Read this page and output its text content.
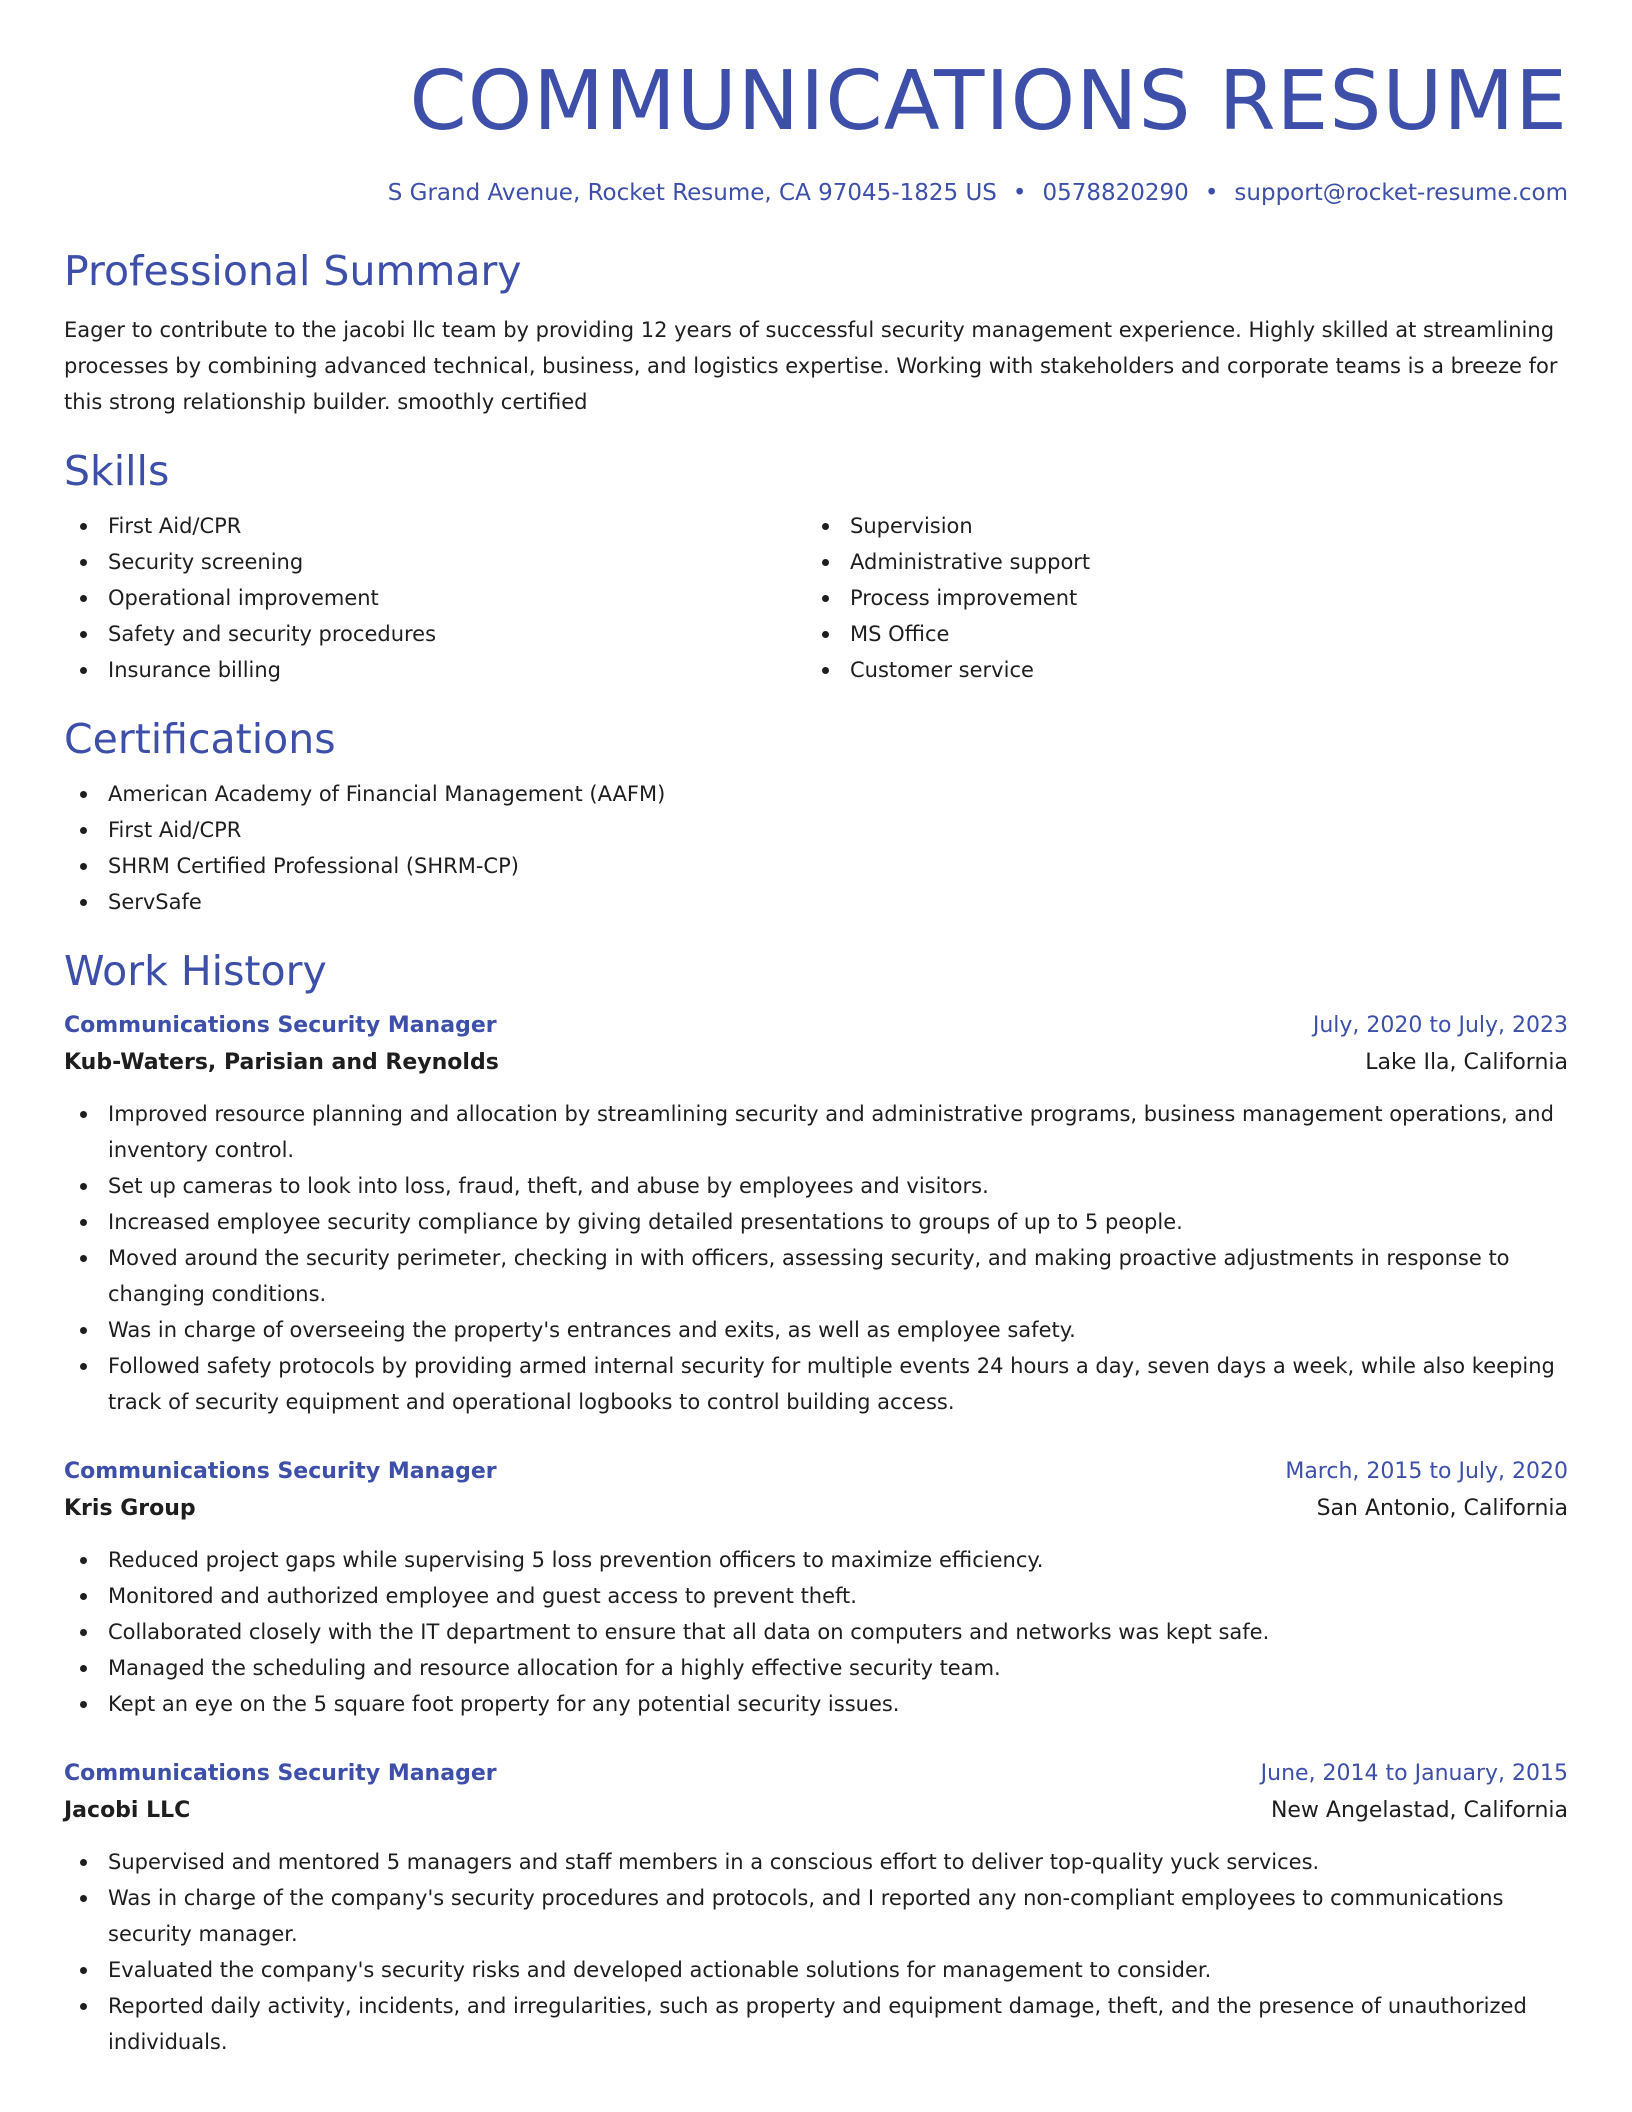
COMMUNICATIONS RESUME
S Grand Avenue, Rocket Resume, CA 97045-1825 US • 0578820290 • support@rocket-resume.com
Professional Summary
Eager to contribute to the jacobi llc team by providing 12 years of successful security management experience. Highly skilled at streamlining processes by combining advanced technical, business, and logistics expertise. Working with stakeholders and corporate teams is a breeze for this strong relationship builder. smoothly certified
Skills
First Aid/CPR
Security screening
Operational improvement
Safety and security procedures
Insurance billing
Supervision
Administrative support
Process improvement
MS Office
Customer service
Certifications
American Academy of Financial Management (AAFM)
First Aid/CPR
SHRM Certified Professional (SHRM-CP)
ServSafe
Work History
Communications Security Manager	July, 2020 to July, 2023
Kub-Waters, Parisian and Reynolds	Lake Ila, California
Improved resource planning and allocation by streamlining security and administrative programs, business management operations, and inventory control.
Set up cameras to look into loss, fraud, theft, and abuse by employees and visitors.
Increased employee security compliance by giving detailed presentations to groups of up to 5 people.
Moved around the security perimeter, checking in with officers, assessing security, and making proactive adjustments in response to changing conditions.
Was in charge of overseeing the property's entrances and exits, as well as employee safety.
Followed safety protocols by providing armed internal security for multiple events 24 hours a day, seven days a week, while also keeping track of security equipment and operational logbooks to control building access.
Communications Security Manager	March, 2015 to July, 2020
Kris Group	San Antonio, California
Reduced project gaps while supervising 5 loss prevention officers to maximize efficiency.
Monitored and authorized employee and guest access to prevent theft.
Collaborated closely with the IT department to ensure that all data on computers and networks was kept safe.
Managed the scheduling and resource allocation for a highly effective security team.
Kept an eye on the 5 square foot property for any potential security issues.
Communications Security Manager	June, 2014 to January, 2015
Jacobi LLC	New Angelastad, California
Supervised and mentored 5 managers and staff members in a conscious effort to deliver top-quality yuck services.
Was in charge of the company's security procedures and protocols, and I reported any non-compliant employees to communications security manager.
Evaluated the company's security risks and developed actionable solutions for management to consider.
Reported daily activity, incidents, and irregularities, such as property and equipment damage, theft, and the presence of unauthorized individuals.
